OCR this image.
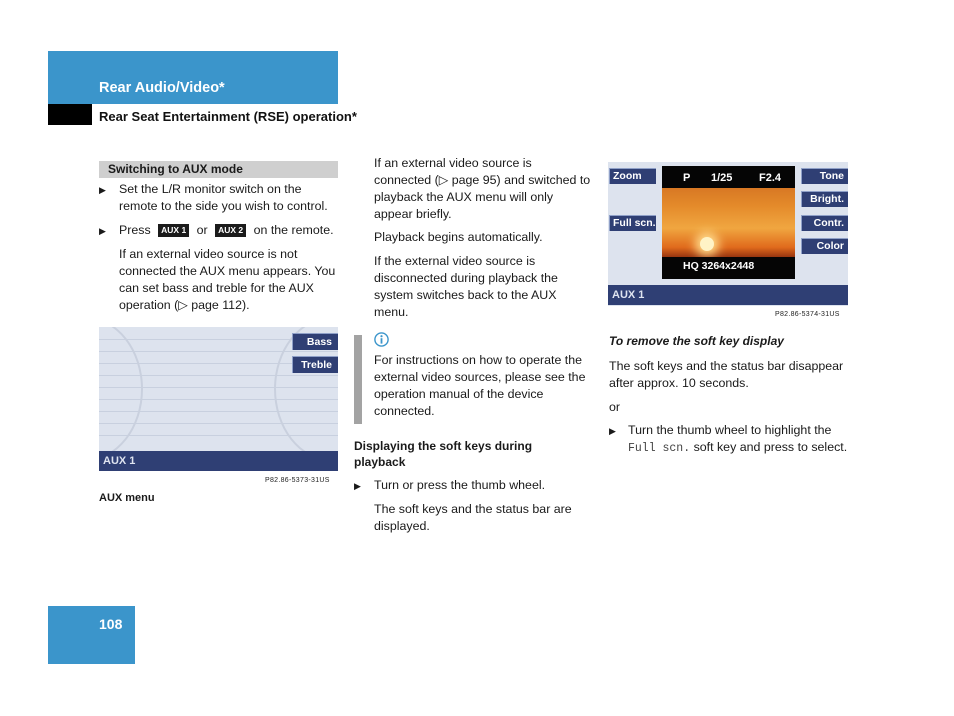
Rear Audio/Video*
Rear Seat Entertainment (RSE) operation*
Switching to AUX mode
▶ Set the L/R monitor switch on the remote to the side you wish to control.
▶ Press AUX 1 or AUX 2 on the remote.
If an external video source is not connected the AUX menu appears. You can set bass and treble for the AUX operation (▷ page 112).
Bass
Treble
AUX 1
P82.86-5373-31US
AUX menu
If an external video source is connected (▷ page 95) and switched to playback the AUX menu will only appear briefly.
Playback begins automatically.
If the external video source is disconnected during playback the system switches back to the AUX menu.
For instructions on how to operate the external video sources, please see the operation manual of the device connected.
Displaying the soft keys during playback
▶ Turn or press the thumb wheel.
The soft keys and the status bar are displayed.
AUX 1
P 1/25 F2.4
HQ 3264x2448
Zoom
Full scn.
Tone
Bright.
Contr.
Color
P82.86-5374-31US
To remove the soft key display
The soft keys and the status bar disappear after approx. 10 seconds.
or
▶ Turn the thumb wheel to highlight the Full scn. soft key and press to select.
108
